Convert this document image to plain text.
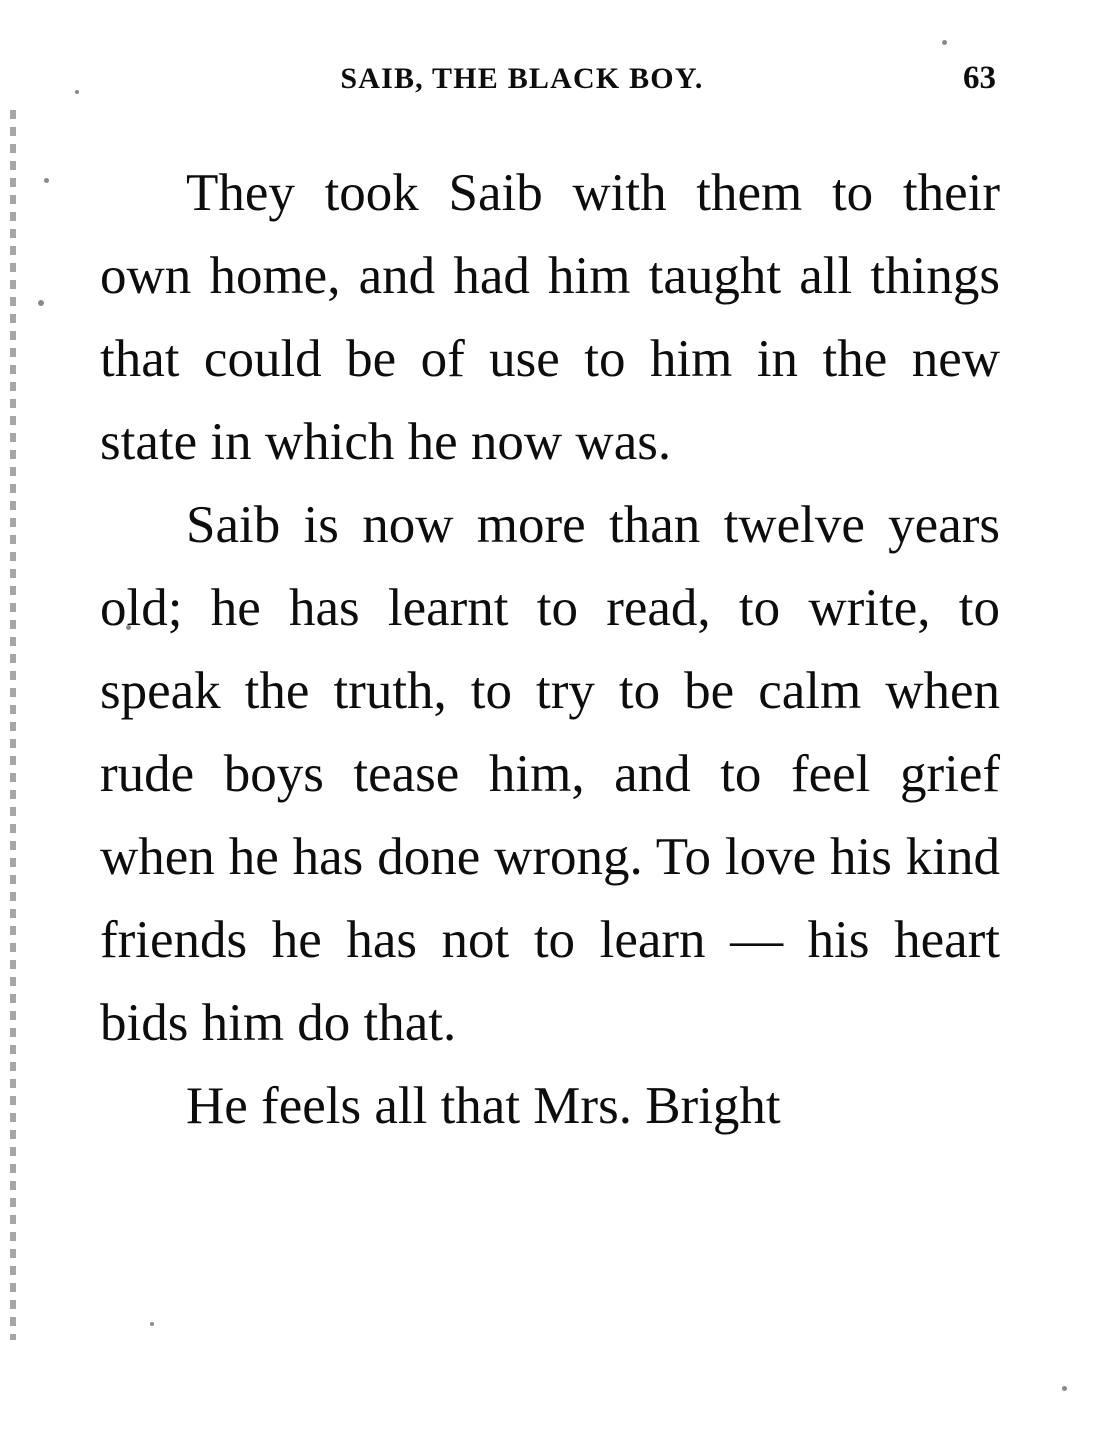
SAIB, THE BLACK BOY.	63

They took Saib with them to their own home, and had him taught all things that could be of use to him in the new state in which he now was.

Saib is now more than twelve years old; he has learnt to read, to write, to speak the truth, to try to be calm when rude boys tease him, and to feel grief when he has done wrong. To love his kind friends he has not to learn — his heart bids him do that.

He feels all that Mrs. Bright
